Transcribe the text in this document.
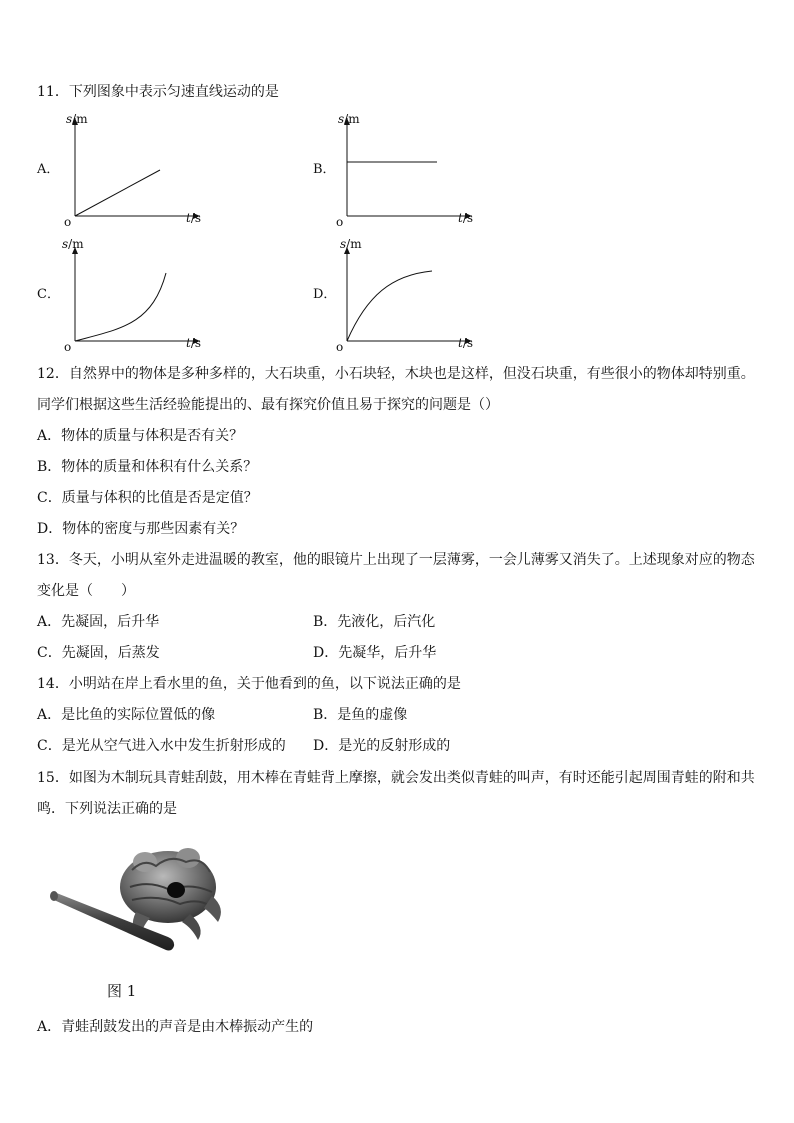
11．下列图象中表示匀速直线运动的是
A．
s/m
t/s
o
B．
s/m
t/s
o
C．
s/m
t/s
o
D．
s/m
t/s
o
12．自然界中的物体是多种多样的，大石块重，小石块轻，木块也是这样，但没石块重，有些很小的物体却特别重。
同学们根据这些生活经验能提出的、最有探究价值且易于探究的问题是（）
A．物体的质量与体积是否有关？
B．物体的质量和体积有什么关系？
C．质量与体积的比值是否是定值？
D．物体的密度与那些因素有关？
13．冬天，小明从室外走进温暖的教室，他的眼镜片上出现了一层薄雾，一会儿薄雾又消失了。上述现象对应的物态
变化是（　　）
A．先凝固，后升华	B．先液化，后汽化
C．先凝固，后蒸发	D．先凝华，后升华
14．小明站在岸上看水里的鱼，关于他看到的鱼，以下说法正确的是
A．是比鱼的实际位置低的像	B．是鱼的虚像
C．是光从空气进入水中发生折射形成的 D．是光的反射形成的
15．如图为木制玩具青蛙刮鼓，用木棒在青蛙背上摩擦，就会发出类似青蛙的叫声，有时还能引起周围青蛙的附和共
鸣．下列说法正确的是
图 1
A．青蛙刮鼓发出的声音是由木棒振动产生的
